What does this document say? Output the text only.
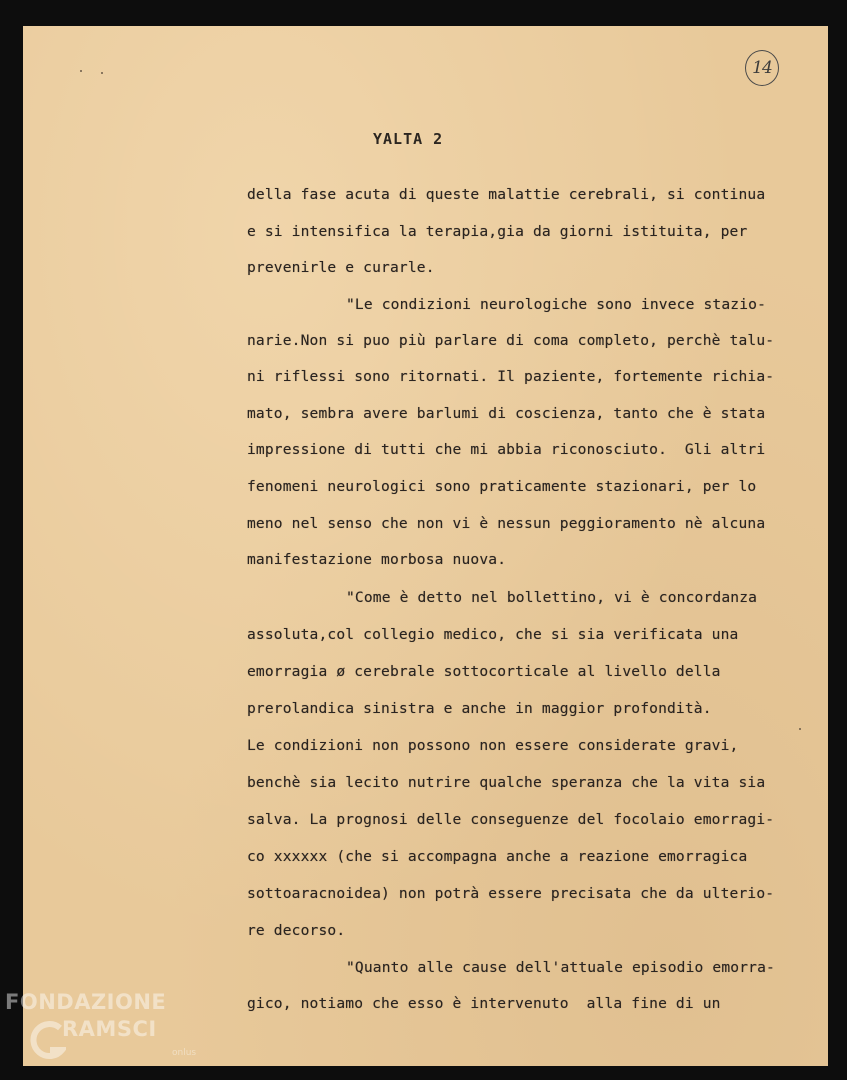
14
YALTA 2
della fase acuta di queste malattie cerebrali, si continua
e si intensifica la terapia,gia da giorni istituita, per
prevenirle e curarle.
"Le condizioni neurologiche sono invece stazio-
narie.Non si puo più parlare di coma completo, perchè talu-
ni riflessi sono ritornati. Il paziente, fortemente richia-
mato, sembra avere barlumi di coscienza, tanto che è stata
impressione di tutti che mi abbia riconosciuto.  Gli altri
fenomeni neurologici sono praticamente stazionari, per lo
meno nel senso che non vi è nessun peggioramento nè alcuna
manifestazione morbosa nuova.
"Come è detto nel bollettino, vi è concordanza
assoluta,col collegio medico, che si sia verificata una
emorragia ø cerebrale sottocorticale al livello della
prerolandica sinistra e anche in maggior profondità.
Le condizioni non possono non essere considerate gravi,
benchè sia lecito nutrire qualche speranza che la vita sia
salva. La prognosi delle conseguenze del focolaio emorragi-
co xxxxxx (che si accompagna anche a reazione emorragica
sottoaracnoidea) non potrà essere precisata che da ulterio-
re decorso.
"Quanto alle cause dell'attuale episodio emorra-
gico, notiamo che esso è intervenuto  alla fine di un
FONDAZIONE
RAMSCI
onlus
